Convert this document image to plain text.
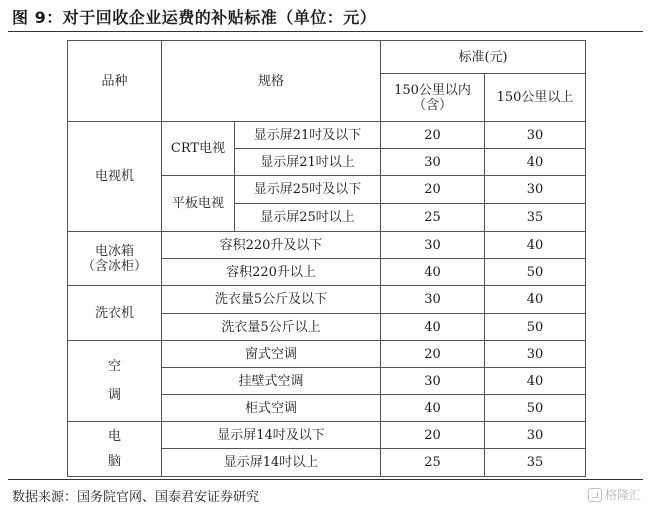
图 9：对于回收企业运费的补贴标准（单位：元）
品种	规格		标准(元)	
			150公里以内（含）	150公里以上
电视机	CRT电视	显示屏21吋及以下	20	30
		显示屏21吋以上	30	40
	平板电视	显示屏25吋及以下	20	30
		显示屏25吋以上	25	35

电冰箱
（含冰柜）	容积220升及以下		30	40
	容积220升以上		40	50
洗衣机	洗衣量5公斤及以下		30	40
	洗衣量5公斤以上		40	50

空
调	窗式空调		20	30
	挂壁式空调		30	40
	柜式空调		40	50

电
脑	显示屏14吋及以下		20	30
	显示屏14吋以上		25	35
数据来源：国务院官网、国泰君安证券研究	格隆汇
